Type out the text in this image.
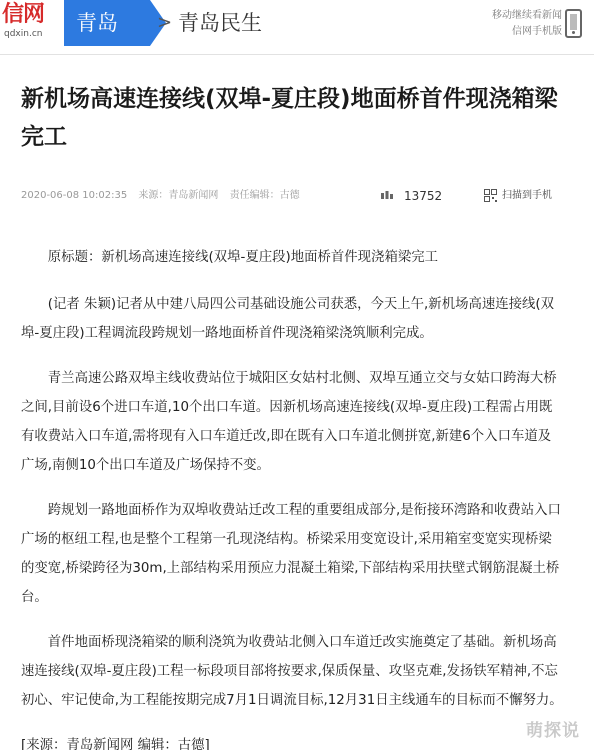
信网
qdxin.cn	青岛	> 青岛民生	移动继续看新闻
信网手机版
新机场高速连接线(双埠-夏庄段)地面桥首件现浇箱梁完工
2020-06-08 10:02:35 来源：青岛新闻网 责任编辑：古德	13752	扫描到手机

原标题：新机场高速连接线(双埠-夏庄段)地面桥首件现浇箱梁完工

(记者 朱颖)记者从中建八局四公司基础设施公司获悉，今天上午,新机场高速连接线(双埠-夏庄段)工程调流段跨规划一路地面桥首件现浇箱梁浇筑顺利完成。

青兰高速公路双埠主线收费站位于城阳区女姑村北侧、双埠互通立交与女姑口跨海大桥之间,目前设6个进口车道,10个出口车道。因新机场高速连接线(双埠-夏庄段)工程需占用既有收费站入口车道,需将现有入口车道迁改,即在既有入口车道北侧拼宽,新建6个入口车道及广场,南侧10个出口车道及广场保持不变。

跨规划一路地面桥作为双埠收费站迁改工程的重要组成部分,是衔接环湾路和收费站入口广场的枢纽工程,也是整个工程第一孔现浇结构。桥梁采用变宽设计,采用箱室变宽实现桥梁的变宽,桥梁跨径为30m,上部结构采用预应力混凝土箱梁,下部结构采用扶壁式钢筋混凝土桥台。

首件地面桥现浇箱梁的顺利浇筑为收费站北侧入口车道迁改实施奠定了基础。新机场高速连接线(双埠-夏庄段)工程一标段项目部将按要求,保质保量、攻坚克难,发扬铁军精神,不忘初心、牢记使命,为工程能按期完成7月1日调流目标,12月31日主线通车的目标而不懈努力。

[来源：青岛新闻网 编辑：古德]

萌探说
